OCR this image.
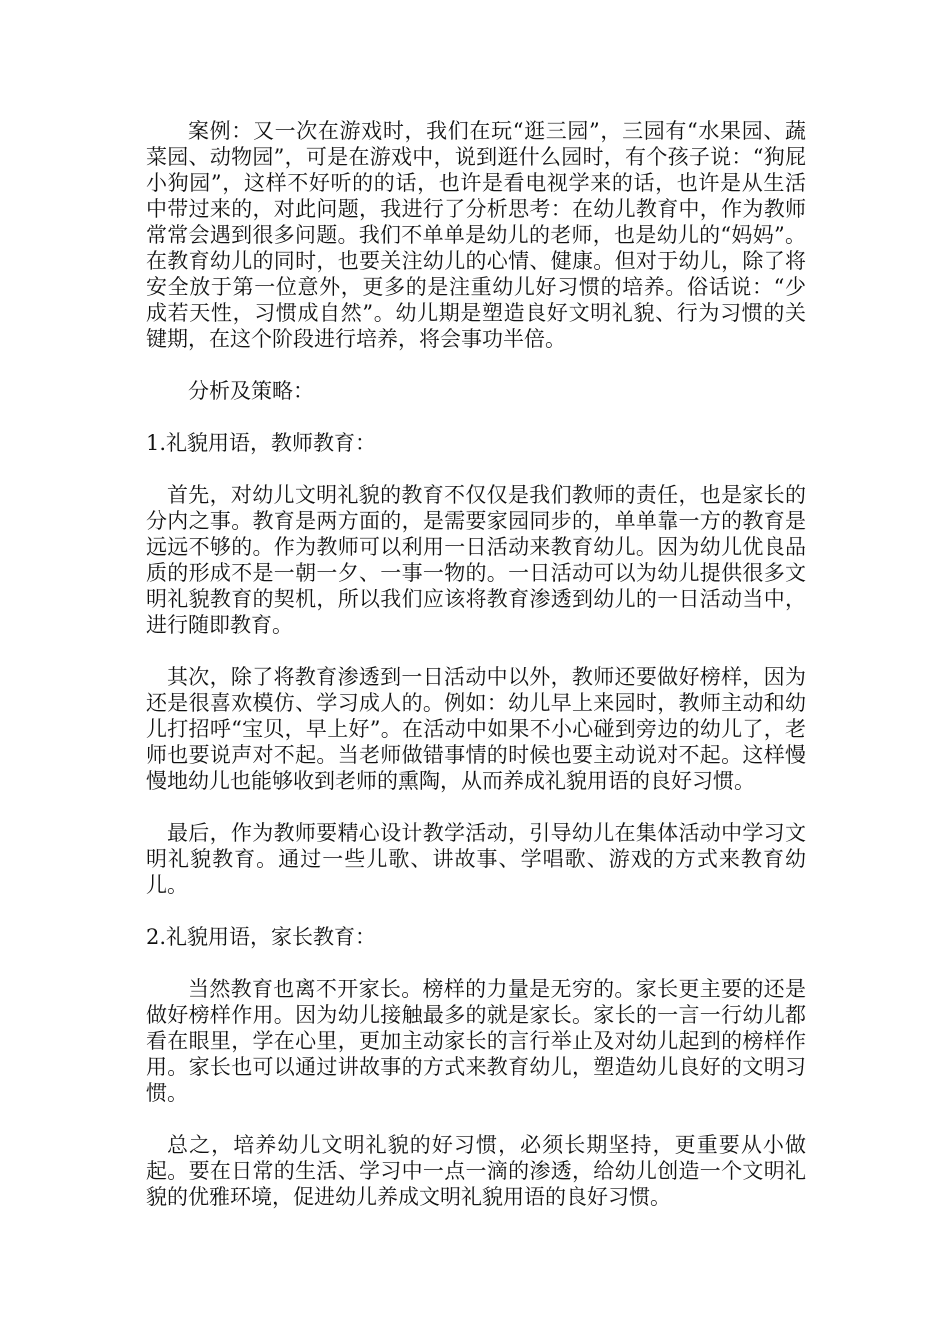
案例：又一次在游戏时，我们在玩“逛三园”，三园有“水果园、蔬菜园、动物园”，可是在游戏中，说到逛什么园时，有个孩子说：“狗屁小狗园”，这样不好听的的话，也许是看电视学来的话，也许是从生活中带过来的，对此问题，我进行了分析思考：在幼儿教育中，作为教师常常会遇到很多问题。我们不单单是幼儿的老师，也是幼儿的“妈妈”。在教育幼儿的同时，也要关注幼儿的心情、健康。但对于幼儿，除了将安全放于第一位意外，更多的是注重幼儿好习惯的培养。俗话说：“少成若天性，习惯成自然”。幼儿期是塑造良好文明礼貌、行为习惯的关键期，在这个阶段进行培养，将会事功半倍。

分析及策略：

1.礼貌用语，教师教育：

首先，对幼儿文明礼貌的教育不仅仅是我们教师的责任，也是家长的分内之事。教育是两方面的，是需要家园同步的，单单靠一方的教育是远远不够的。作为教师可以利用一日活动来教育幼儿。因为幼儿优良品质的形成不是一朝一夕、一事一物的。一日活动可以为幼儿提供很多文明礼貌教育的契机，所以我们应该将教育渗透到幼儿的一日活动当中，进行随即教育。

其次，除了将教育渗透到一日活动中以外，教师还要做好榜样，因为还是很喜欢模仿、学习成人的。例如：幼儿早上来园时，教师主动和幼儿打招呼“宝贝，早上好”。在活动中如果不小心碰到旁边的幼儿了，老师也要说声对不起。当老师做错事情的时候也要主动说对不起。这样慢慢地幼儿也能够收到老师的熏陶，从而养成礼貌用语的良好习惯。

最后，作为教师要精心设计教学活动，引导幼儿在集体活动中学习文明礼貌教育。通过一些儿歌、讲故事、学唱歌、游戏的方式来教育幼儿。

2.礼貌用语，家长教育：

当然教育也离不开家长。榜样的力量是无穷的。家长更主要的还是做好榜样作用。因为幼儿接触最多的就是家长。家长的一言一行幼儿都看在眼里，学在心里，更加主动家长的言行举止及对幼儿起到的榜样作用。家长也可以通过讲故事的方式来教育幼儿，塑造幼儿良好的文明习惯。

总之，培养幼儿文明礼貌的好习惯，必须长期坚持，更重要从小做起。要在日常的生活、学习中一点一滴的渗透，给幼儿创造一个文明礼貌的优雅环境，促进幼儿养成文明礼貌用语的良好习惯。
